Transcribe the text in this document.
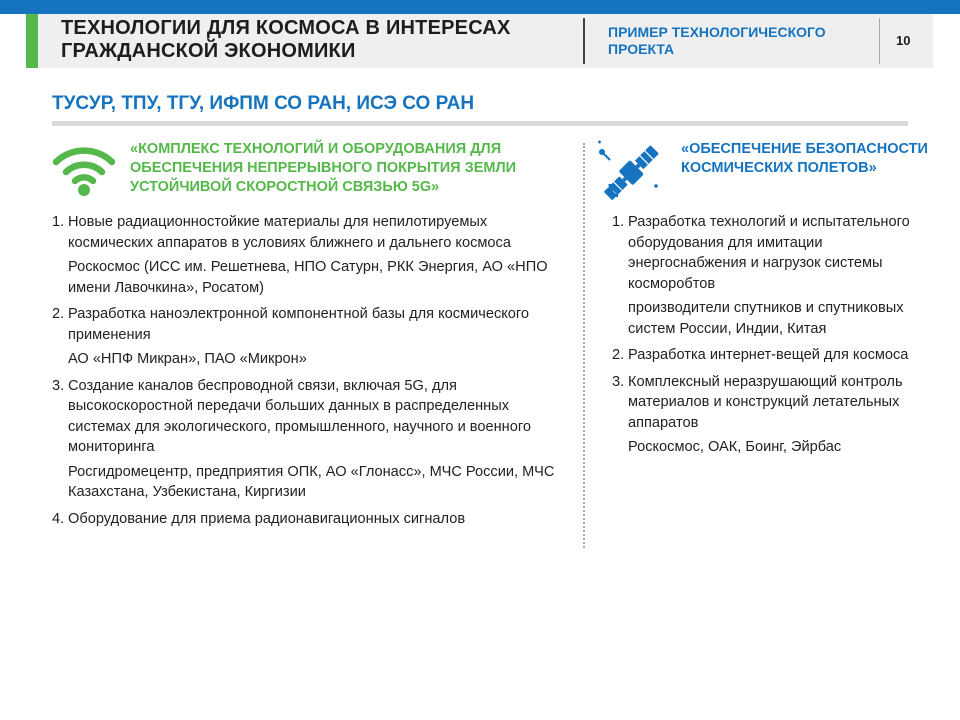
ТЕХНОЛОГИИ ДЛЯ КОСМОСА В ИНТЕРЕСАХ ГРАЖДАНСКОЙ ЭКОНОМИКИ
ПРИМЕР ТЕХНОЛОГИЧЕСКОГО ПРОЕКТА
10
ТУСУР, ТПУ, ТГУ, ИФПМ СО РАН, ИСЭ СО РАН
«КОМПЛЕКС ТЕХНОЛОГИЙ И ОБОРУДОВАНИЯ ДЛЯ ОБЕСПЕЧЕНИЯ НЕПРЕРЫВНОГО ПОКРЫТИЯ ЗЕМЛИ УСТОЙЧИВОЙ СКОРОСТНОЙ СВЯЗЬЮ 5G»
1. Новые радиационностойкие материалы для непилотируемых космических аппаратов в условиях ближнего и дальнего космоса
Роскосмос (ИСС им. Решетнева, НПО Сатурн, РКК Энергия, АО «НПО имени Лавочкина», Росатом)
2. Разработка наноэлектронной компонентной базы для космического применения
АО «НПФ Микран», ПАО «Микрон»
3. Создание каналов беспроводной связи, включая 5G, для высокоскоростной передачи больших данных в распределенных системах для экологического, промышленного, научного и военного мониторинга
Росгидромецентр, предприятия ОПК, АО «Глонасс», МЧС России, МЧС Казахстана, Узбекистана, Киргизии
4. Оборудование для приема радионавигационных сигналов
«ОБЕСПЕЧЕНИЕ БЕЗОПАСНОСТИ КОСМИЧЕСКИХ ПОЛЕТОВ»
1. Разработка технологий и испытательного оборудования для имитации энергоснабжения и нагрузок системы косморобтов
производители спутников и спутниковых систем России, Индии, Китая
2. Разработка интернет-вещей для космоса
3. Комплексный неразрушающий контроль материалов и конструкций летательных аппаратов
Роскосмос, ОАК, Боинг, Эйрбас
